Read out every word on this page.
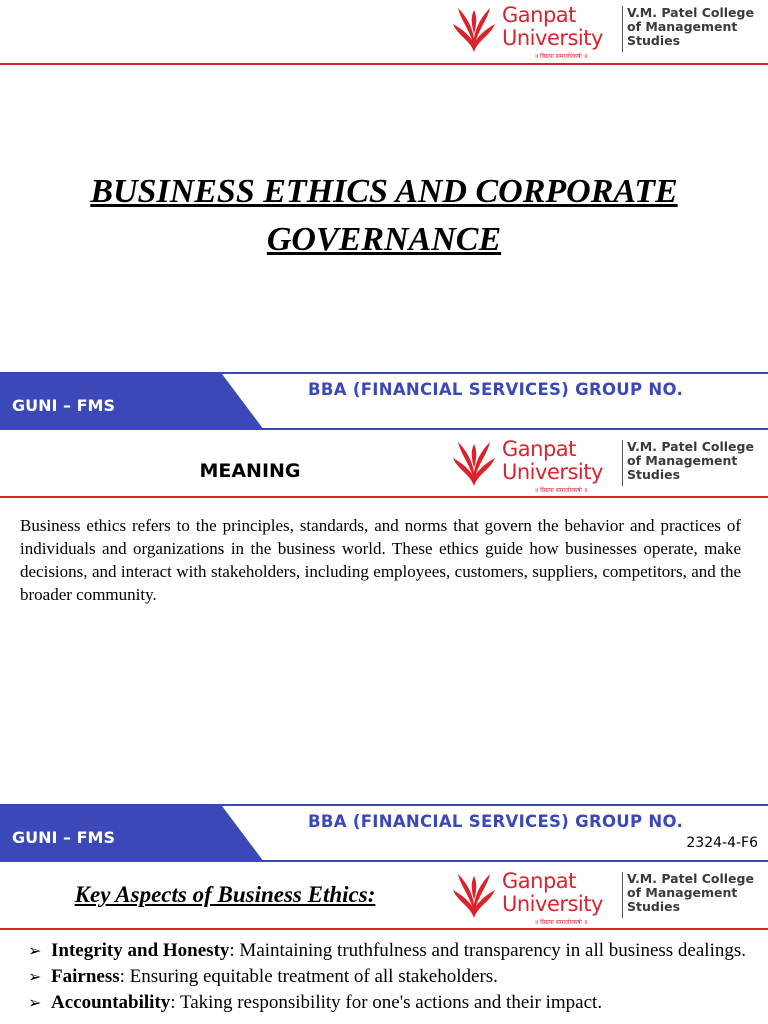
Ganpat
University
॥ विद्यया समाजोत्कर्षः ॥
V.M. Patel College
of Management
Studies
BUSINESS ETHICS AND CORPORATE
GOVERNANCE
GUNI – FMS
BBA (FINANCIAL SERVICES) GROUP NO.
Ganpat
University
॥ विद्यया समाजोत्कर्षः ॥
V.M. Patel College
of Management
Studies
MEANING

Business ethics refers to the principles, standards, and norms that govern the behavior and practices of individuals and organizations in the business world. These ethics guide how businesses operate, make decisions, and interact with stakeholders, including employees, customers, suppliers, competitors, and the broader community.

GUNI – FMS
BBA (FINANCIAL SERVICES) GROUP NO.
2324-4-F6
Ganpat
University
॥ विद्यया समाजोत्कर्षः ॥
V.M. Patel College
of Management
Studies
Key Aspects of Business Ethics:
➢ Integrity and Honesty: Maintaining truthfulness and transparency in all business dealings.
➢ Fairness: Ensuring equitable treatment of all stakeholders.
➢ Accountability: Taking responsibility for one's actions and their impact.
